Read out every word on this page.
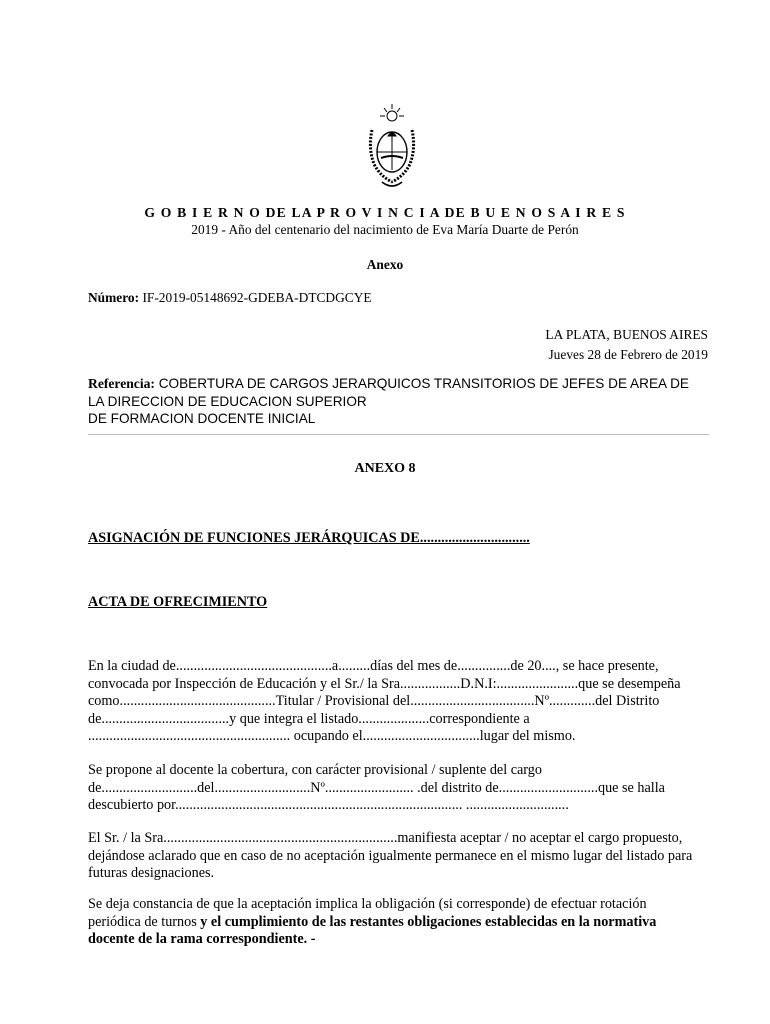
G O B I E R N O DE LA P R O V I N C I A DE B U E N O S A I R E S
2019 - Año del centenario del nacimiento de Eva María Duarte de Perón
Anexo
Número: IF-2019-05148692-GDEBA-DTCDGCYE
LA PLATA, BUENOS AIRES
Jueves 28 de Febrero de 2019
Referencia: COBERTURA DE CARGOS JERARQUICOS TRANSITORIOS DE JEFES DE AREA DE
LA DIRECCION DE EDUCACION SUPERIOR
DE FORMACION DOCENTE INICIAL
ANEXO 8
ASIGNACIÓN DE FUNCIONES JERÁRQUICAS DE...............................
ACTA DE OFRECIMIENTO
En la ciudad de............................................a.........días del mes de...............de 20...., se hace presente,
convocada por Inspección de Educación y el Sr./ la Sra.................D.N.I:.......................que se desempeña
como............................................Titular / Provisional del...................................Nº.............del Distrito
de....................................y que integra el listado....................correspondiente a
......................................................... ocupando el.................................lugar del mismo.
Se propone al docente la cobertura, con carácter provisional / suplente del cargo
de...........................del...........................Nº......................... .del distrito de............................que se halla
descubierto por................................................................................. .............................
El Sr. / la Sra..................................................................manifiesta aceptar / no aceptar el cargo propuesto,
dejándose aclarado que en caso de no aceptación igualmente permanece en el mismo lugar del listado para
futuras designaciones.
Se deja constancia de que la aceptación implica la obligación (si corresponde) de efectuar rotación
periódica de turnos y el cumplimiento de las restantes obligaciones establecidas en la normativa
docente de la rama correspondiente. -
